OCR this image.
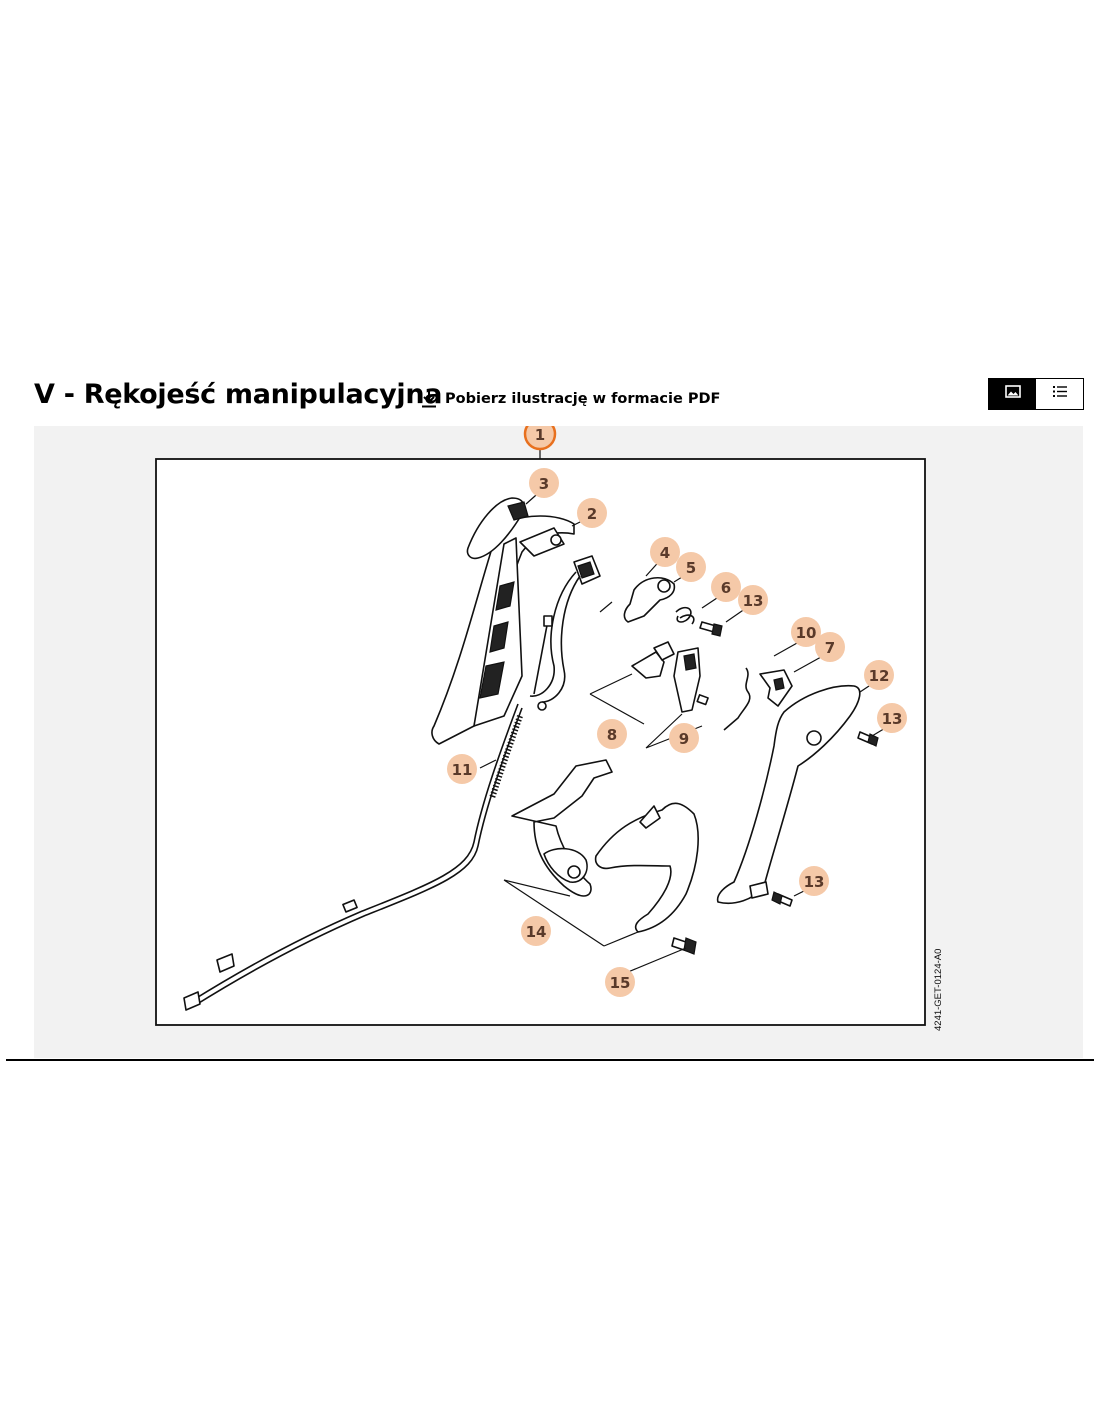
V - Rękojeść manipulacyjna Pobierz ilustrację w formacie PDF
4241-GET-0124-A0
1
3
2
4
5
6
13
10
7
12
13
8	9
11
13
14
15
